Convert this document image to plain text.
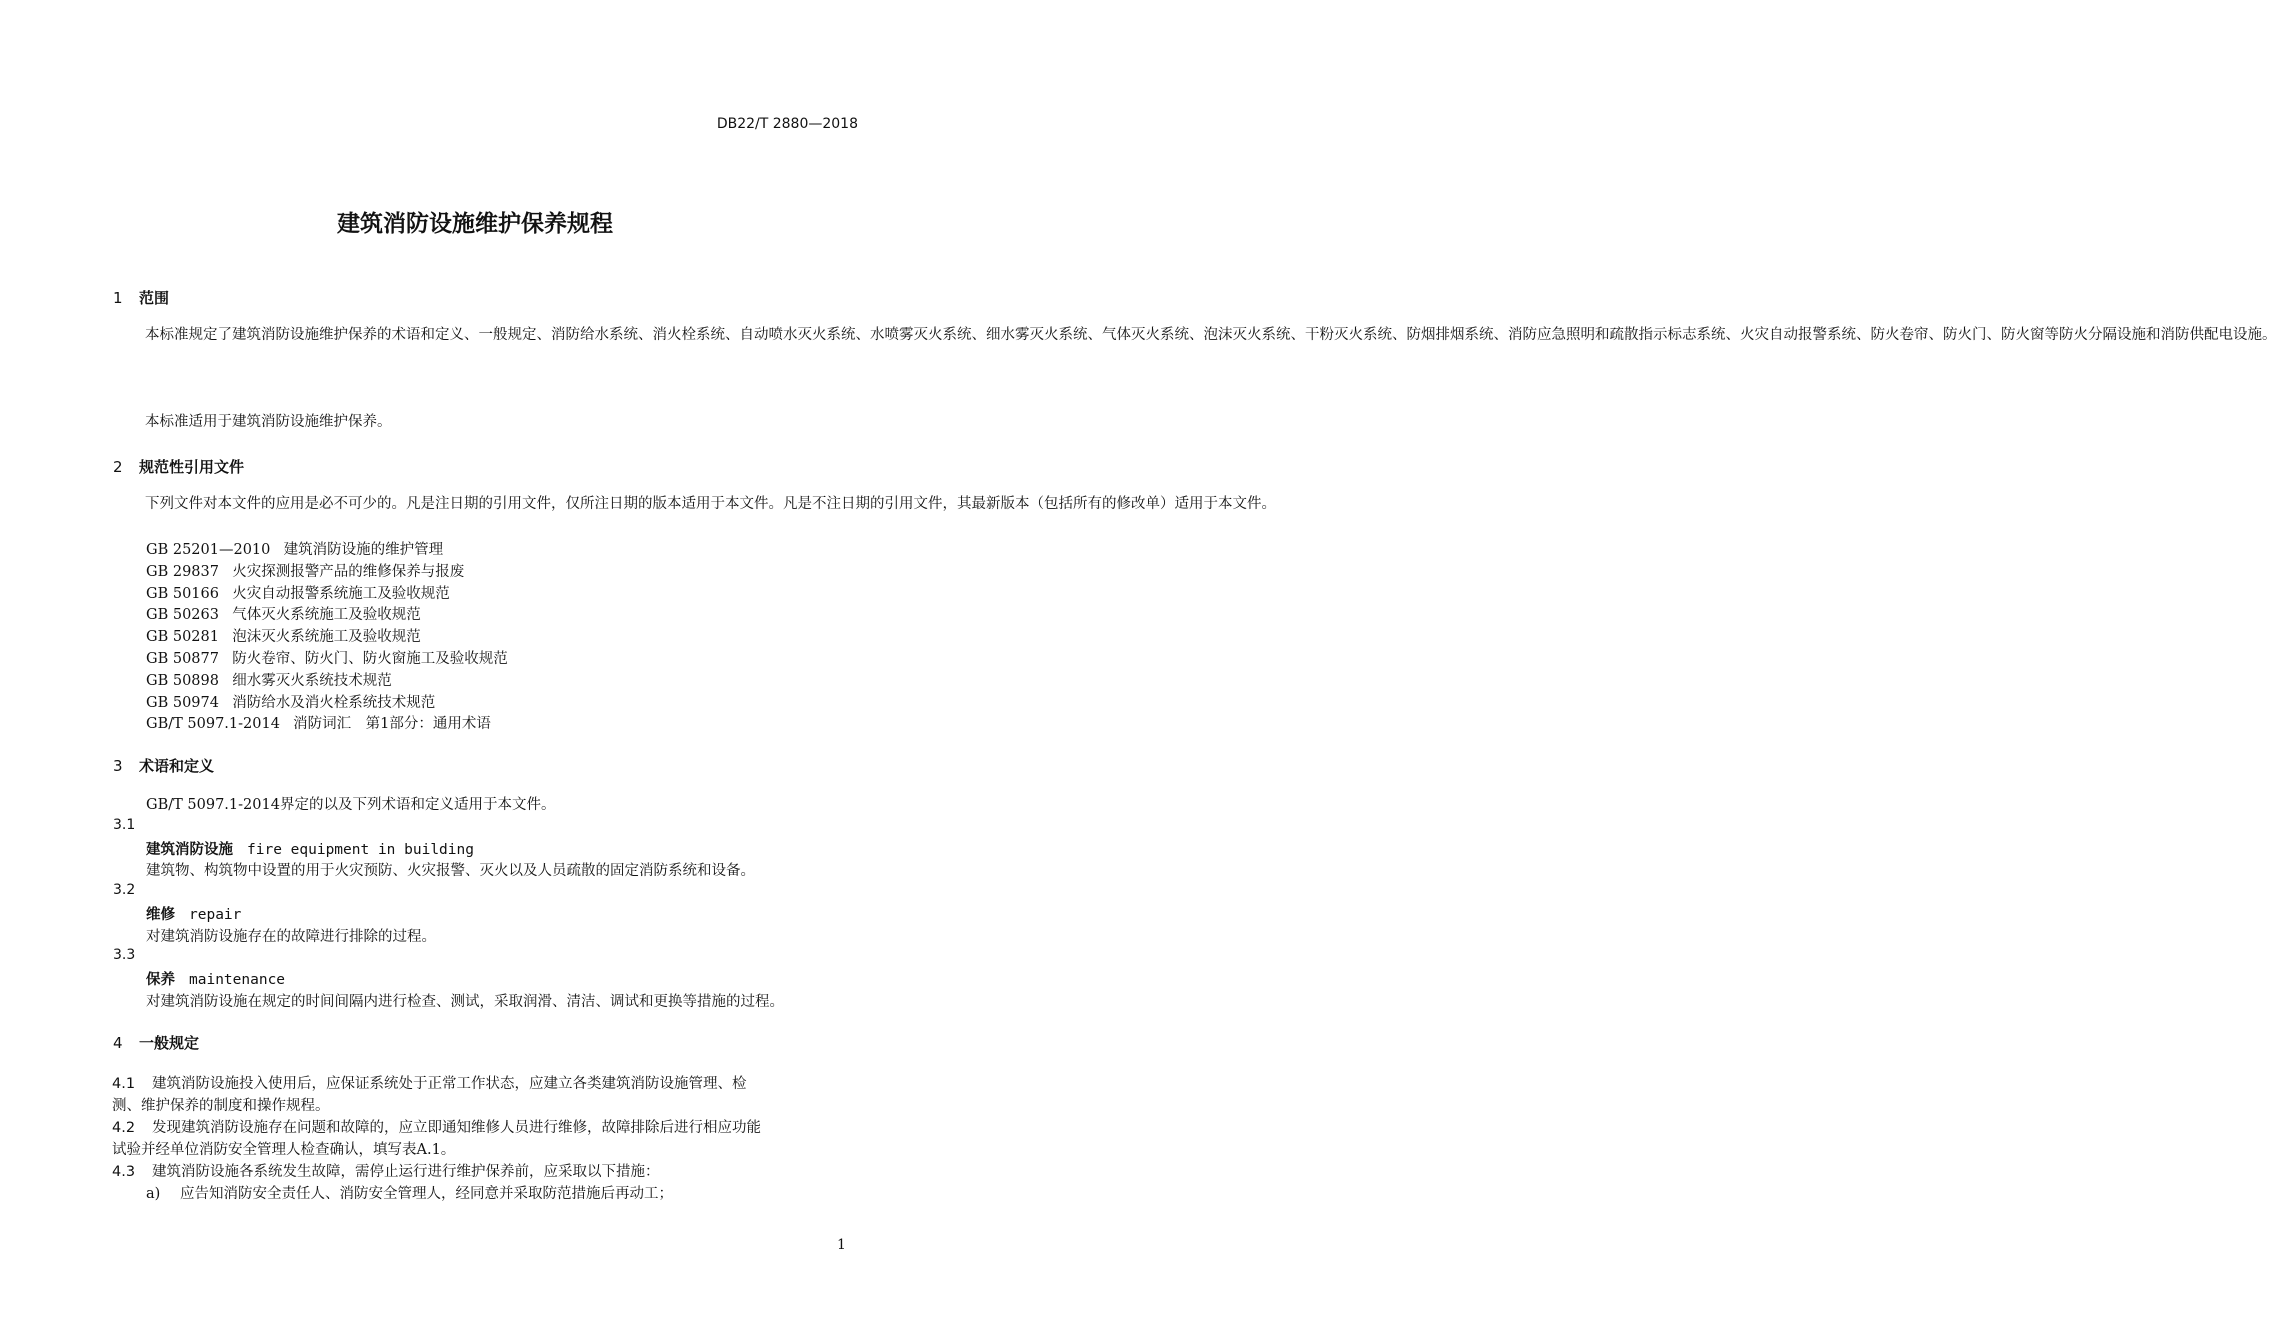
DB22/T 2880—2018
建筑消防设施维护保养规程
1 范围
本标准规定了建筑消防设施维护保养的术语和定义、一般规定、消防给水系统、消火栓系统、自动喷水灭火系统、水喷雾灭火系统、细水雾灭火系统、气体灭火系统、泡沫灭火系统、干粉灭火系统、防烟排烟系统、消防应急照明和疏散指示标志系统、火灾自动报警系统、防火卷帘、防火门、防火窗等防火分隔设施和消防供配电设施。
本标准适用于建筑消防设施维护保养。
2 规范性引用文件
下列文件对本文件的应用是必不可少的。凡是注日期的引用文件，仅所注日期的版本适用于本文件。凡是不注日期的引用文件，其最新版本（包括所有的修改单）适用于本文件。
GB 25201—2010 建筑消防设施的维护管理
GB 29837 火灾探测报警产品的维修保养与报废
GB 50166 火灾自动报警系统施工及验收规范
GB 50263 气体灭火系统施工及验收规范
GB 50281 泡沫灭火系统施工及验收规范
GB 50877 防火卷帘、防火门、防火窗施工及验收规范
GB 50898 细水雾灭火系统技术规范
GB 50974 消防给水及消火栓系统技术规范
GB/T 5097.1-2014 消防词汇　第1部分：通用术语
3 术语和定义
GB/T 5097.1-2014界定的以及下列术语和定义适用于本文件。
3.1
建筑消防设施 fire equipment in building
建筑物、构筑物中设置的用于火灾预防、火灾报警、灭火以及人员疏散的固定消防系统和设备。
3.2
维修 repair
对建筑消防设施存在的故障进行排除的过程。
3.3
保养 maintenance
对建筑消防设施在规定的时间间隔内进行检查、测试，采取润滑、清洁、调试和更换等措施的过程。
4 一般规定
4.1 建筑消防设施投入使用后，应保证系统处于正常工作状态，应建立各类建筑消防设施管理、检
测、维护保养的制度和操作规程。
4.2 发现建筑消防设施存在问题和故障的，应立即通知维修人员进行维修，故障排除后进行相应功能
试验并经单位消防安全管理人检查确认，填写表A.1。
4.3 建筑消防设施各系统发生故障，需停止运行进行维护保养前，应采取以下措施：
a) 应告知消防安全责任人、消防安全管理人，经同意并采取防范措施后再动工；
1
